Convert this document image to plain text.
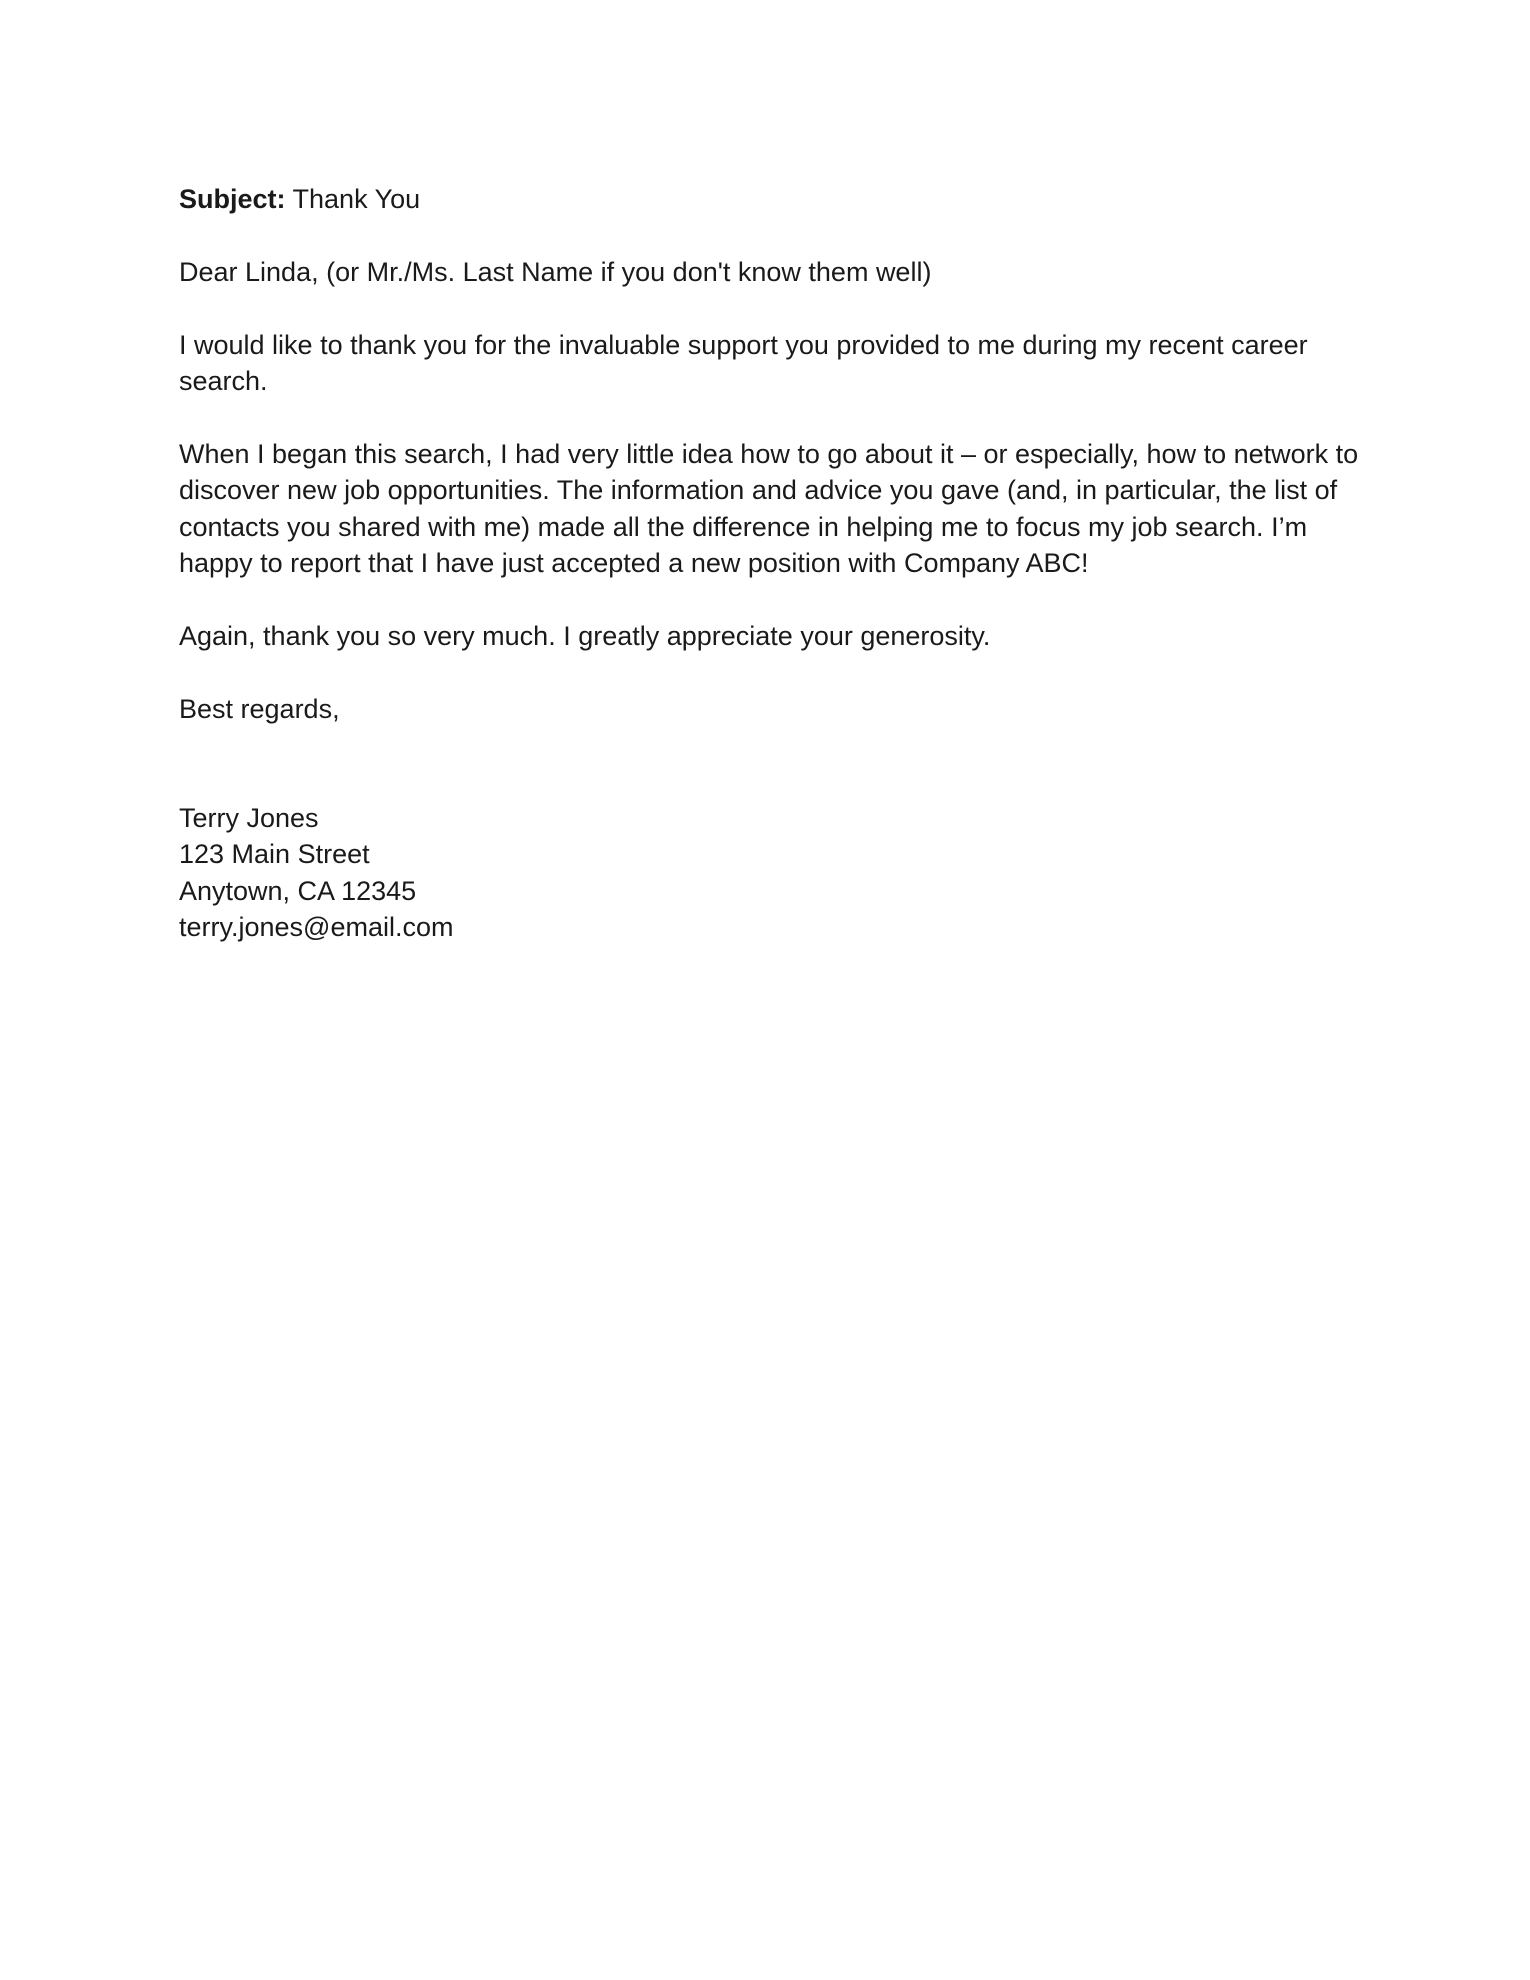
Subject: Thank You

Dear Linda, (or Mr./Ms. Last Name if you don't know them well)

I would like to thank you for the invaluable support you provided to me during my recent career search.

When I began this search, I had very little idea how to go about it – or especially, how to network to discover new job opportunities. The information and advice you gave (and, in particular, the list of contacts you shared with me) made all the difference in helping me to focus my job search. I’m happy to report that I have just accepted a new position with Company ABC!

Again, thank you so very much. I greatly appreciate your generosity.

Best regards,

Terry Jones
123 Main Street
Anytown, CA 12345
terry.jones@email.com
